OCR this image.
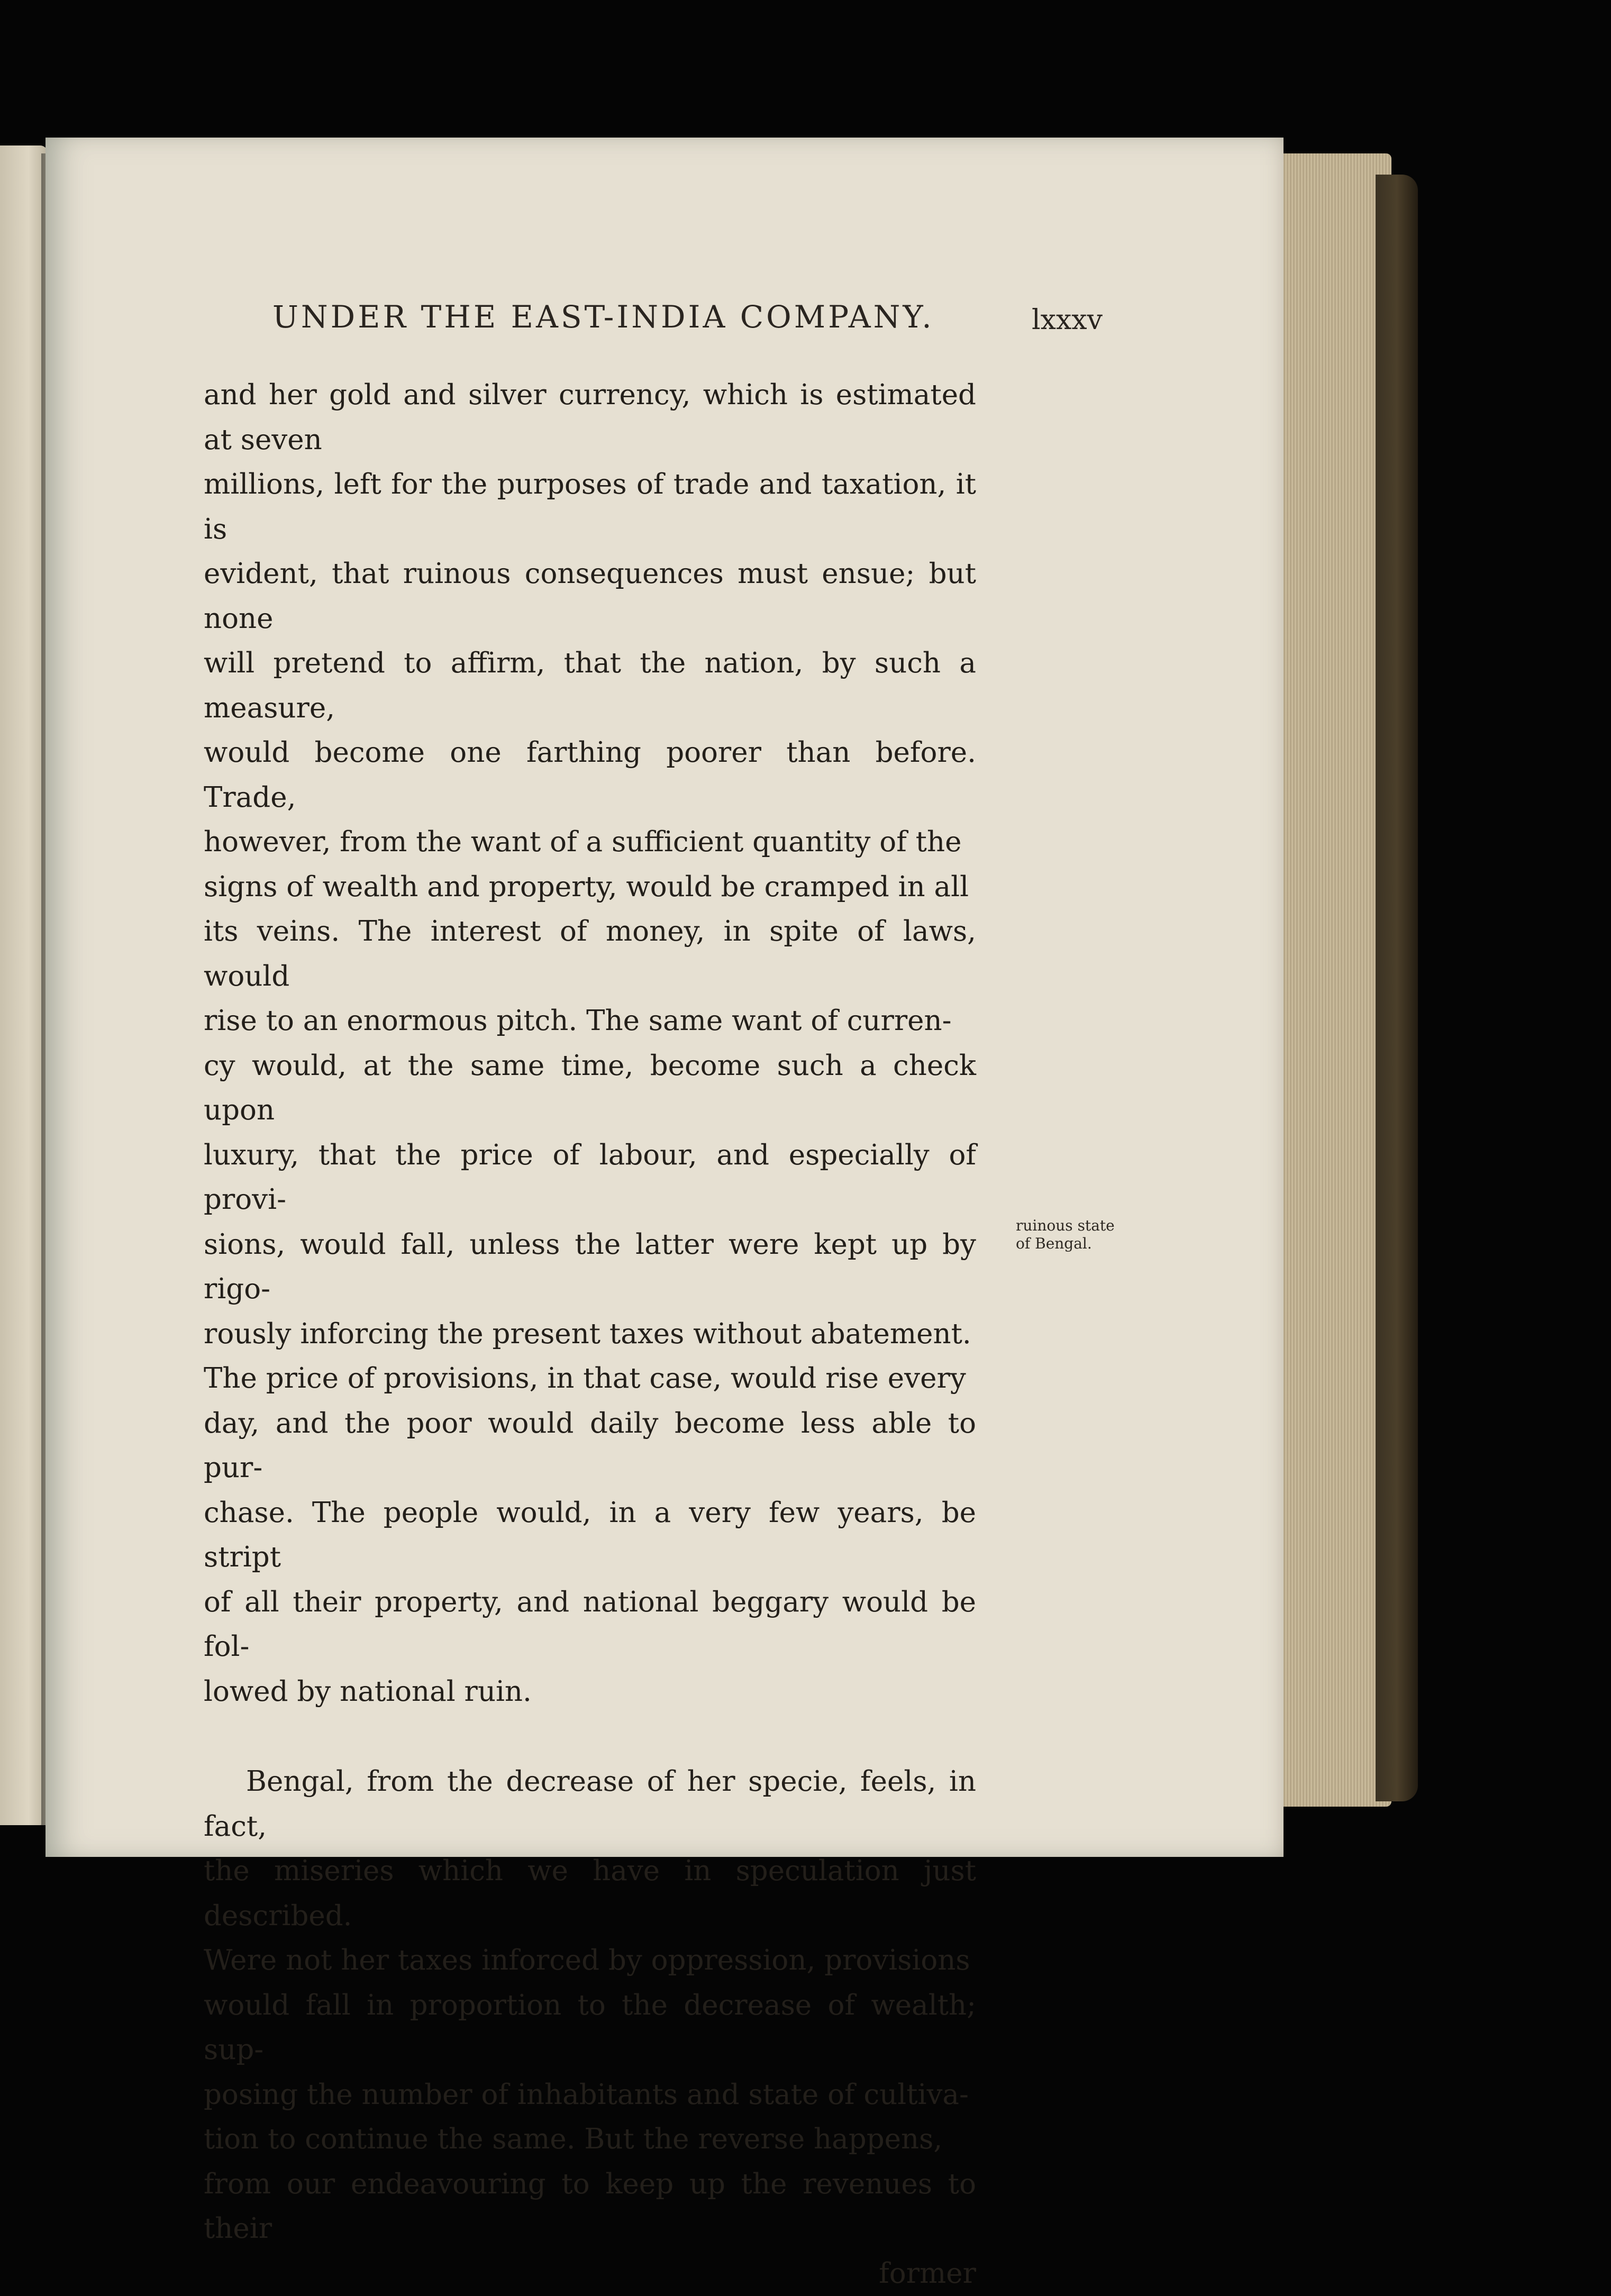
UNDER THE EAST-INDIA COMPANY.	lxxxv

and her gold and silver currency, which is estimated at seven

millions, left for the purposes of trade and taxation, it is

evident, that ruinous consequences must ensue; but none

will pretend to affirm, that the nation, by such a measure,

would become one farthing poorer than before. Trade,

however, from the want of a sufficient quantity of the

signs of wealth and property, would be cramped in all

its veins. The interest of money, in spite of laws, would

rise to an enormous pitch. The same want of curren-

cy would, at the same time, become such a check upon

luxury, that the price of labour, and especially of provi-

sions, would fall, unless the latter were kept up by rigo-

rously inforcing the present taxes without abatement.

The price of provisions, in that case, would rise every

day, and the poor would daily become less able to pur-

chase. The people would, in a very few years, be stript

of all their property, and national beggary would be fol-

lowed by national ruin.

Bengal, from the decrease of her specie, feels, in fact,

the miseries which we have in speculation just described.

Were not her taxes inforced by oppression, provisions

would fall in proportion to the decrease of wealth; sup-

posing the number of inhabitants and state of cultiva-

tion to continue the same. But the reverse happens,

from our endeavouring to keep up the revenues to their

former

ruinous state
of Bengal.
